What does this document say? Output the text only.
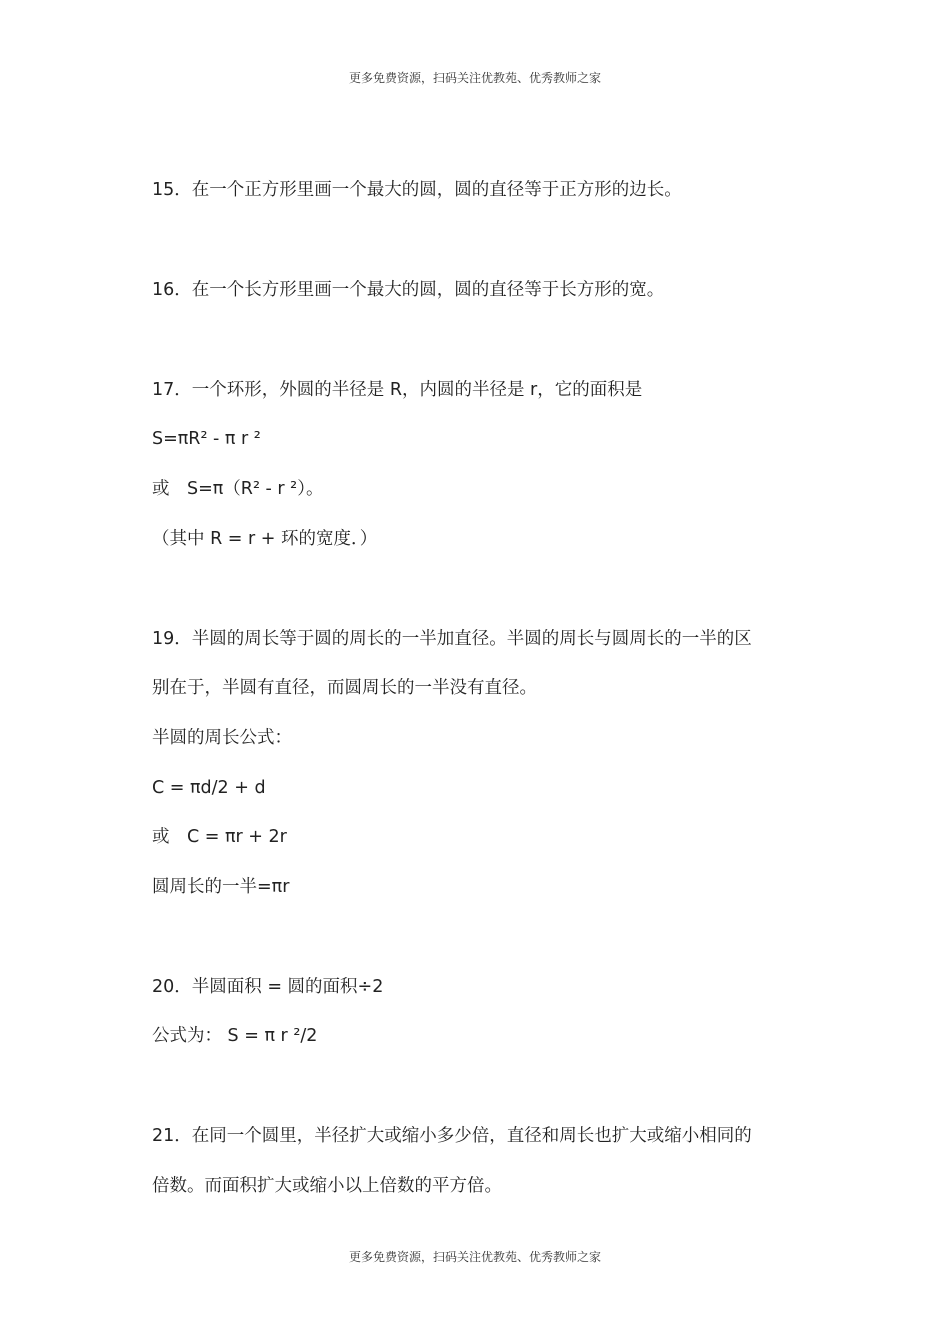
更多免费资源，扫码关注优教苑、优秀教师之家
15．在一个正方形里画一个最大的圆，圆的直径等于正方形的边长。
16．在一个长方形里画一个最大的圆，圆的直径等于长方形的宽。
17．一个环形，外圆的半径是 R，内圆的半径是 r，它的面积是
S=πR² - π r ²
或　S=π（R² - r ²）。
（其中 R = r + 环的宽度．）
19．半圆的周长等于圆的周长的一半加直径。半圆的周长与圆周长的一半的区
别在于，半圆有直径，而圆周长的一半没有直径。
半圆的周长公式：
C = πd/2 + d
或　C = πr + 2r
圆周长的一半=πr
20．半圆面积 = 圆的面积÷2
公式为： S = π r ²/2
21．在同一个圆里，半径扩大或缩小多少倍，直径和周长也扩大或缩小相同的
倍数。而面积扩大或缩小以上倍数的平方倍。
更多免费资源，扫码关注优教苑、优秀教师之家
